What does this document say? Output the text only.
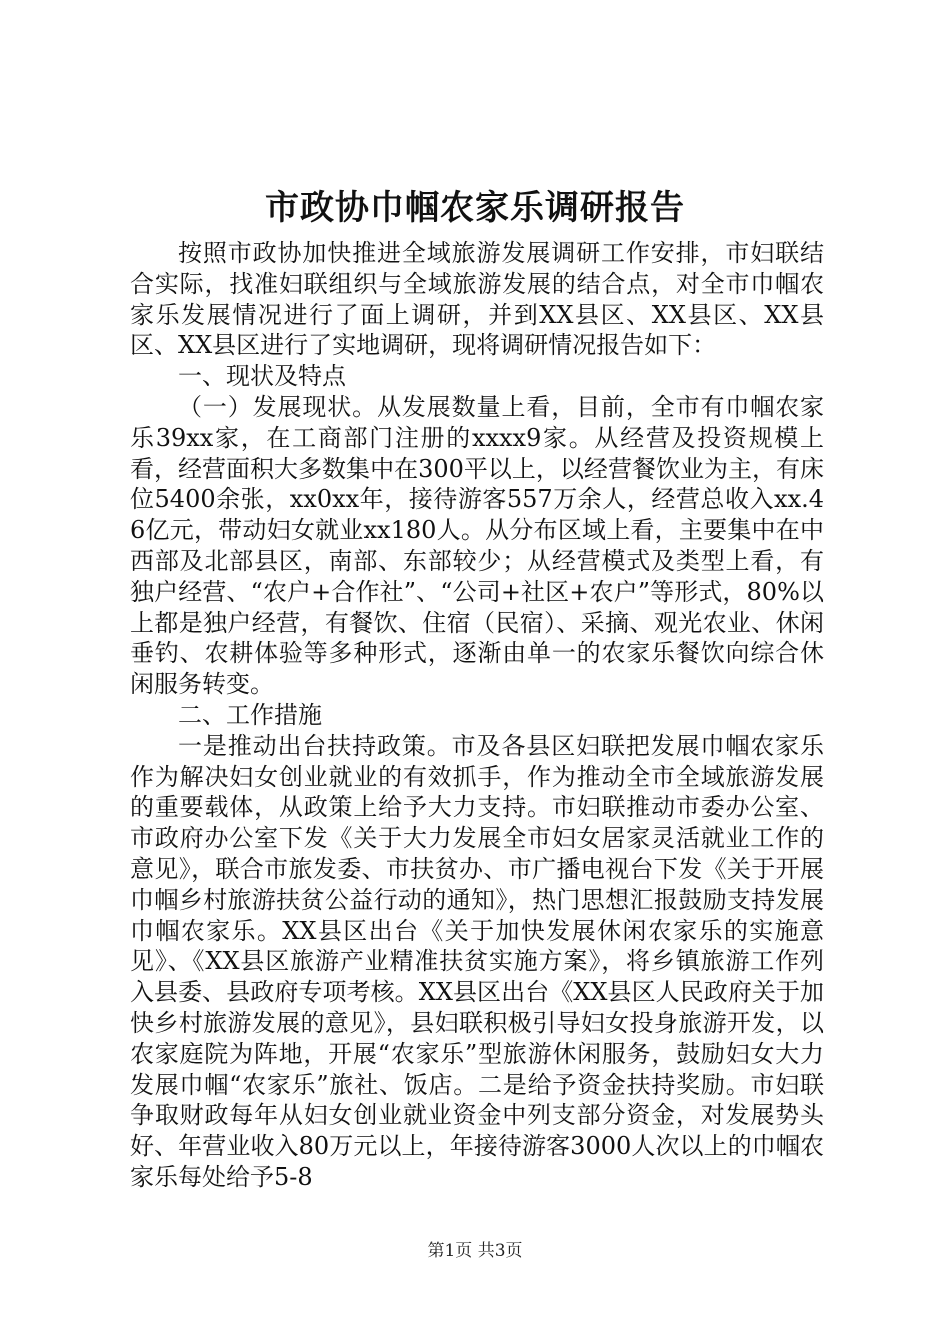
市政协巾帼农家乐调研报告

按照市政协加快推进全域旅游发展调研工作安排，市妇联结合实际，找准妇联组织与全域旅游发展的结合点，对全市巾帼农家乐发展情况进行了面上调研，并到XX县区、XX县区、XX县区、XX县区进行了实地调研，现将调研情况报告如下：

一、现状及特点

（一）发展现状。从发展数量上看，目前，全市有巾帼农家乐39xx家，在工商部门注册的xxxx9家。从经营及投资规模上看，经营面积大多数集中在300平以上，以经营餐饮业为主，有床位5400余张，xx0xx年，接待游客557万余人，经营总收入xx.46亿元，带动妇女就业xx180人。从分布区域上看，主要集中在中西部及北部县区，南部、东部较少；从经营模式及类型上看，有独户经营、“农户+合作社”、“公司+社区+农户”等形式，80%以上都是独户经营，有餐饮、住宿（民宿）、采摘、观光农业、休闲垂钓、农耕体验等多种形式，逐渐由单一的农家乐餐饮向综合休闲服务转变。

二、工作措施

一是推动出台扶持政策。市及各县区妇联把发展巾帼农家乐作为解决妇女创业就业的有效抓手，作为推动全市全域旅游发展的重要载体，从政策上给予大力支持。市妇联推动市委办公室、市政府办公室下发《关于大力发展全市妇女居家灵活就业工作的意见》，联合市旅发委、市扶贫办、市广播电视台下发《关于开展巾帼乡村旅游扶贫公益行动的通知》，热门思想汇报鼓励支持发展巾帼农家乐。XX县区出台《关于加快发展休闲农家乐的实施意见》、《XX县区旅游产业精准扶贫实施方案》，将乡镇旅游工作列入县委、县政府专项考核。XX县区出台《XX县区人民政府关于加快乡村旅游发展的意见》，县妇联积极引导妇女投身旅游开发，以农家庭院为阵地，开展“农家乐”型旅游休闲服务，鼓励妇女大力发展巾帼“农家乐”旅社、饭店。二是给予资金扶持奖励。市妇联争取财政每年从妇女创业就业资金中列支部分资金，对发展势头好、年营业收入80万元以上，年接待游客3000人次以上的巾帼农家乐每处给予5-8

第1页 共3页
